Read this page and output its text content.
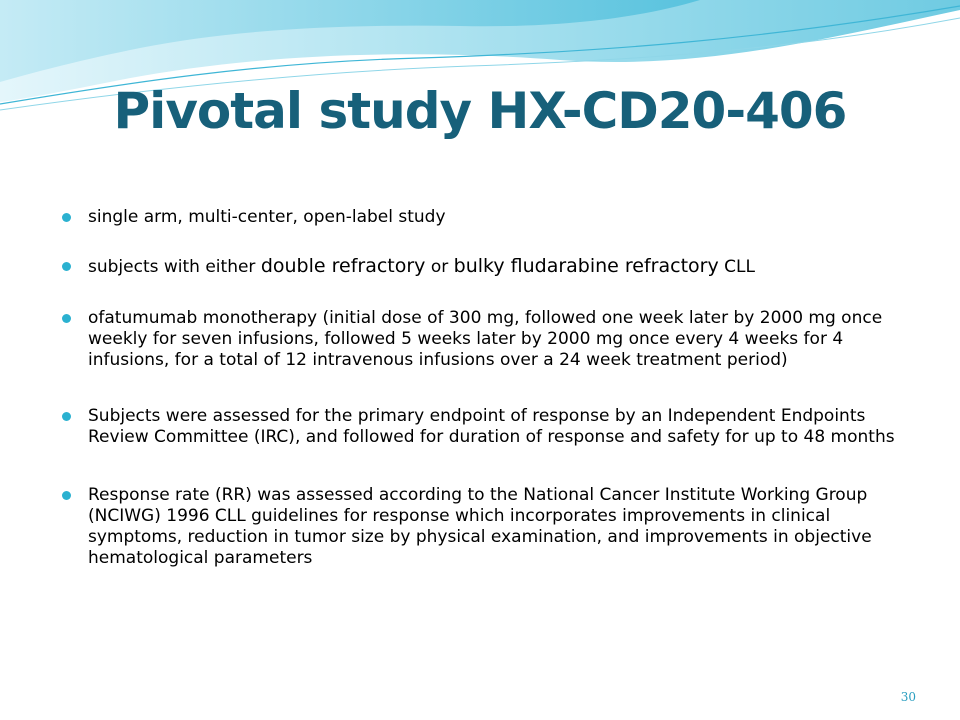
Pivotal study HX-CD20-406
single arm, multi-center, open-label study
subjects with either double refractory or bulky fludarabine refractory CLL
ofatumumab monotherapy (initial dose of 300 mg, followed one week later by 2000 mg once weekly for seven infusions, followed 5 weeks later by 2000 mg once every 4 weeks for 4 infusions, for a total of 12 intravenous infusions over a 24 week treatment period)
Subjects were assessed for the primary endpoint of response by an Independent Endpoints Review Committee (IRC), and followed for duration of response and safety for up to 48 months
Response rate (RR) was assessed according to the National Cancer Institute Working Group (NCIWG) 1996 CLL guidelines for response which incorporates improvements in clinical symptoms, reduction in tumor size by physical examination, and improvements in objective hematological parameters
30
